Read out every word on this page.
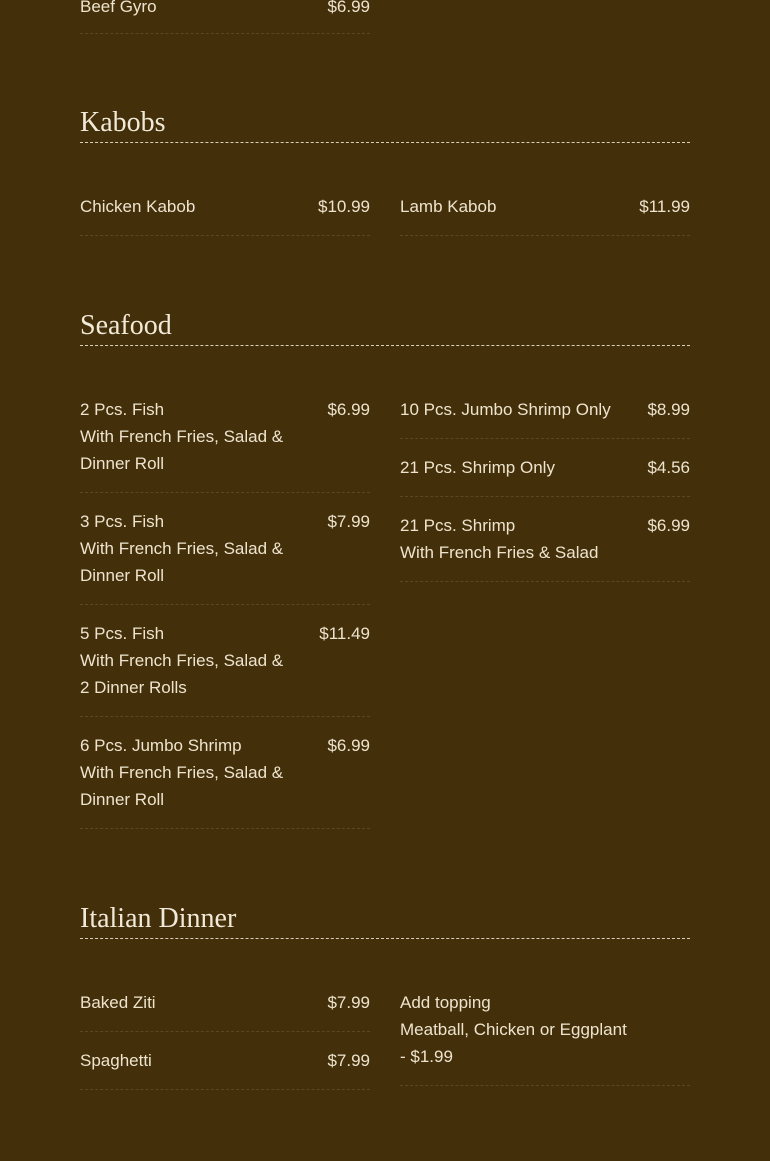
Beef Gyro	$6.99
Kabobs
Chicken Kabob	$10.99 Lamb Kabob	$11.99
Seafood
2 Pcs. Fish	$6.99
With French Fries, Salad & Dinner Roll
3 Pcs. Fish	$7.99
With French Fries, Salad & Dinner Roll
5 Pcs. Fish	$11.49
With French Fries, Salad & 2 Dinner Rolls
6 Pcs. Jumbo Shrimp	$6.99
With French Fries, Salad & Dinner Roll
10 Pcs. Jumbo Shrimp Only	$8.99
21 Pcs. Shrimp Only	$4.56
21 Pcs. Shrimp	$6.99
With French Fries & Salad
Italian Dinner
Baked Ziti	$7.99
Spaghetti	$7.99
Add topping
Meatball, Chicken or Eggplant - $1.99
